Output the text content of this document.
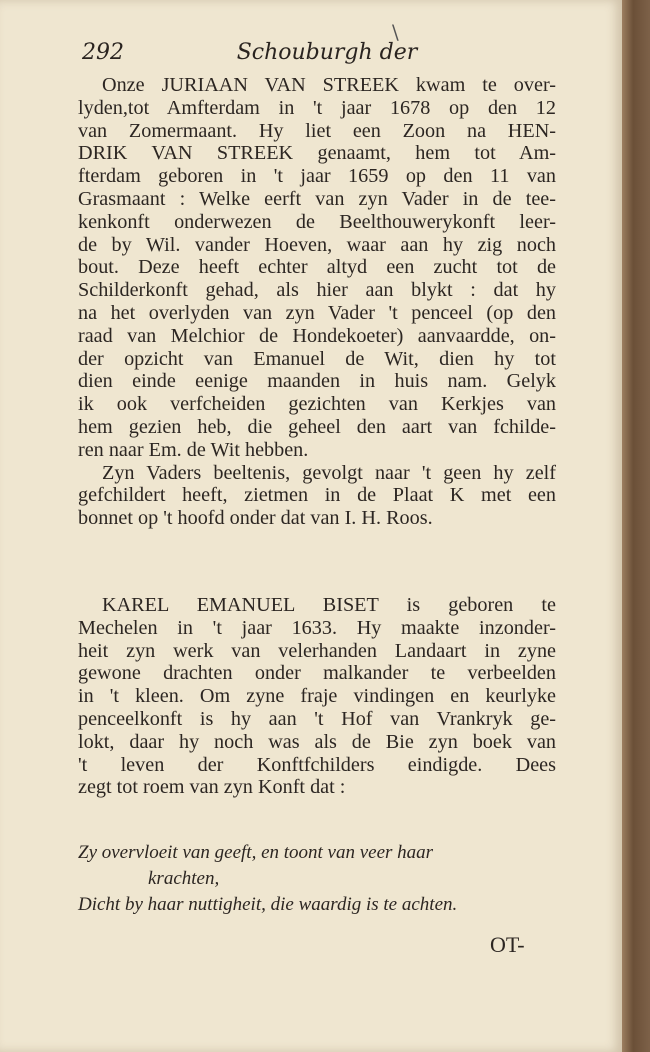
\
292	Schouburgh der
Onze JURIAAN VAN STREEK kwam te over-
lyden,tot Amfterdam in 't jaar 1678 op den 12
van Zomermaant. Hy liet een Zoon na HEN-
DRIK VAN STREEK genaamt, hem tot Am-
fterdam geboren in 't jaar 1659 op den 11 van
Grasmaant : Welke eerft van zyn Vader in de tee-
kenkonft onderwezen de Beelthouwerykonft leer-
de by Wil. vander Hoeven, waar aan hy zig noch
bout. Deze heeft echter altyd een zucht tot de
Schilderkonft gehad, als hier aan blykt : dat hy
na het overlyden van zyn Vader 't penceel (op den
raad van Melchior de Hondekoeter) aanvaardde, on-
der opzicht van Emanuel de Wit, dien hy tot
dien einde eenige maanden in huis nam. Gelyk
ik ook verfcheiden gezichten van Kerkjes van
hem gezien heb, die geheel den aart van fchilde-
ren naar Em. de Wit hebben.
Zyn Vaders beeltenis, gevolgt naar 't geen hy zelf
gefchildert heeft, zietmen in de Plaat K met een
bonnet op 't hoofd onder dat van I. H. Roos.
KAREL EMANUEL BISET is geboren te
Mechelen in 't jaar 1633. Hy maakte inzonder-
heit zyn werk van velerhanden Landaart in zyne
gewone drachten onder malkander te verbeelden
in 't kleen. Om zyne fraje vindingen en keurlyke
penceelkonft is hy aan 't Hof van Vrankryk ge-
lokt, daar hy noch was als de Bie zyn boek van
't leven der Konftfchilders eindigde. Dees
zegt tot roem van zyn Konft dat :
Zy overvloeit van geeft, en toont van veer haar
krachten,
Dicht by haar nuttigheit, die waardig is te achten.
OT-
